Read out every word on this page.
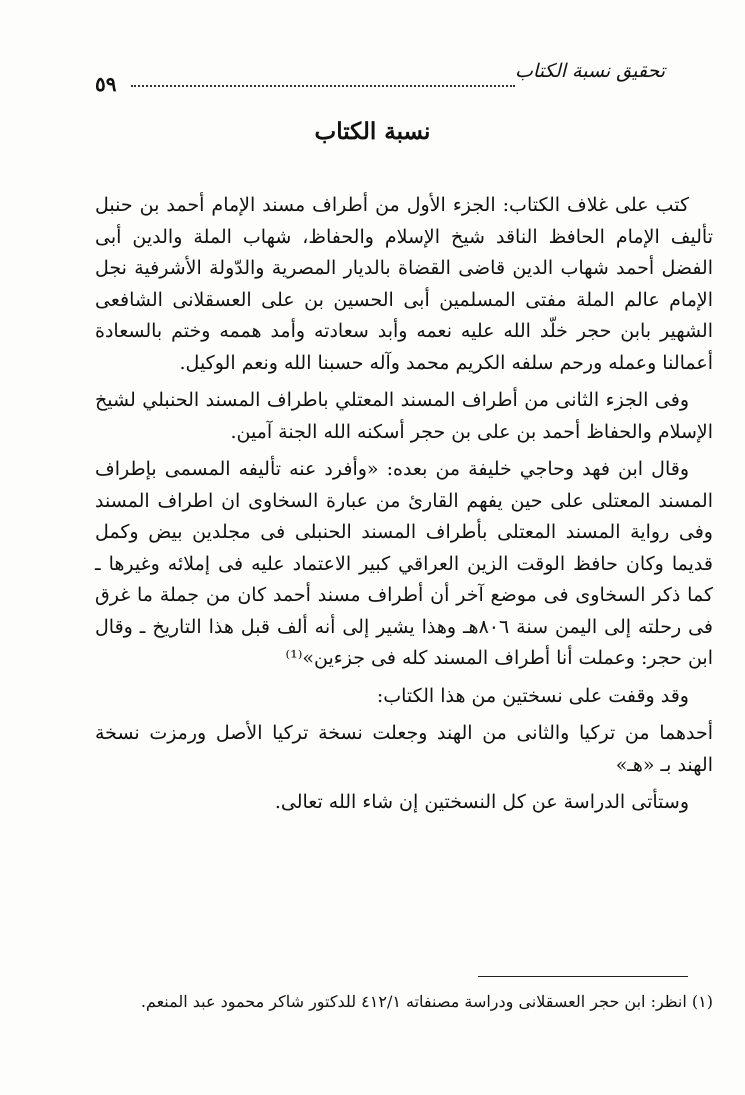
تحقيق نسبة الكتاب
٥٩
نسبة الكتاب

كتب على غلاف الكتاب: الجزء الأول من أطراف مسند الإمام أحمد بن حنبل تأليف الإمام الحافظ الناقد شيخ الإسلام والحفاظ، شهاب الملة والدين أبى الفضل أحمد شهاب الدين قاضى القضاة بالديار المصرية والدّولة الأشرفية نجل الإمام عالم الملة مفتى المسلمين أبى الحسين بن على العسقلانى الشافعى الشهير بابن حجر خلّد الله عليه نعمه وأبد سعادته وأمد هممه وختم بالسعادة أعمالنا وعمله ورحم سلفه الكريم محمد وآله حسبنا الله ونعم الوكيل.

وفى الجزء الثانى من أطراف المسند المعتلي باطراف المسند الحنبلي لشيخ الإسلام والحفاظ أحمد بن على بن حجر أسكنه الله الجنة آمين.

وقال ابن فهد وحاجي خليفة من بعده: «وأفرد عنه تأليفه المسمى بإطراف المسند المعتلى على حين يفهم القارئ من عبارة السخاوى ان اطراف المسند وفى رواية المسند المعتلى بأطراف المسند الحنبلى فى مجلدين بيض وكمل قديما وكان حافظ الوقت الزين العراقي كبير الاعتماد عليه فى إملائه وغيرها ـ كما ذكر السخاوى فى موضع آخر أن أطراف مسند أحمد كان من جملة ما غرق فى رحلته إلى اليمن سنة ٨٠٦هـ وهذا يشير إلى أنه ألف قبل هذا التاريخ ـ وقال ابن حجر: وعملت أنا أطراف المسند كله فى جزءين»⁽¹⁾

وقد وقفت على نسختين من هذا الكتاب:

أحدهما من تركيا والثانى من الهند وجعلت نسخة تركيا الأصل ورمزت نسخة الهند بـ «هـ»

وستأتى الدراسة عن كل النسختين إن شاء الله تعالى.

(١) انظر: ابن حجر العسقلانى ودراسة مصنفاته ٤١٢/١ للدكتور شاكر محمود عبد المنعم.
